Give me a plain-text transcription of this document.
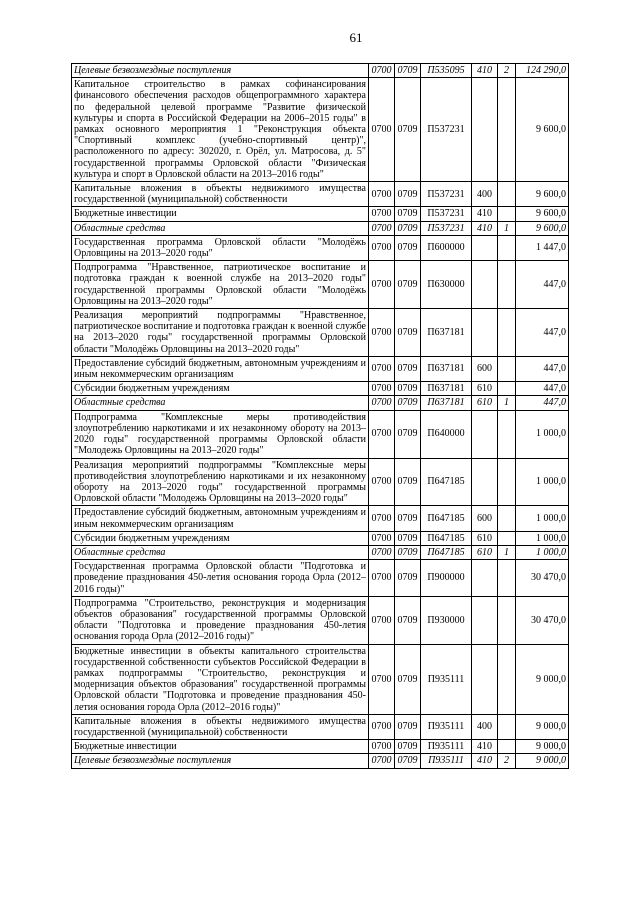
61
Целевые безвозмездные поступления	0700	0709	П535095	410	2	124 290,0
Капитальное строительство в рамках софинансирования финансового обеспечения расходов общепрограммного характера по федеральной целевой программе "Развитие физической культуры и спорта в Российской Федерации на 2006–2015 годы" в рамках основного мероприятия 1 "Реконструкция объекта "Спортивный комплекс (учебно-спортивный центр)", расположенного по адресу: 302020, г. Орёл, ул. Матросова, д. 5" государственной программы Орловской области "Физическая культура и спорт в Орловской области на 2013–2016 годы"	0700	0709	П537231			9 600,0
Капитальные вложения в объекты недвижимого имущества государственной (муниципальной) собственности	0700	0709	П537231	400		9 600,0
Бюджетные инвестиции	0700	0709	П537231	410		9 600,0
Областные средства	0700	0709	П537231	410	1	9 600,0
Государственная программа Орловской области "Молодёжь Орловщины на 2013–2020 годы"	0700	0709	П600000			1 447,0
Подпрограмма "Нравственное, патриотическое воспитание и подготовка граждан к военной службе на 2013–2020 годы" государственной программы Орловской области "Молодёжь Орловщины на 2013–2020 годы"	0700	0709	П630000			447,0
Реализация мероприятий подпрограммы "Нравственное, патриотическое воспитание и подготовка граждан к военной службе на 2013–2020 годы" государственной программы Орловской области "Молодёжь Орловщины на 2013–2020 годы"	0700	0709	П637181			447,0
Предоставление субсидий бюджетным, автономным учреждениям и иным некоммерческим организациям	0700	0709	П637181	600		447,0
Субсидии бюджетным учреждениям	0700	0709	П637181	610		447,0
Областные средства	0700	0709	П637181	610	1	447,0
Подпрограмма "Комплексные меры противодействия злоупотреблению наркотиками и их незаконному обороту на 2013–2020 годы" государственной программы Орловской области "Молодежь Орловщины на 2013–2020 годы"	0700	0709	П640000			1 000,0
Реализация мероприятий подпрограммы "Комплексные меры противодействия злоупотреблению наркотиками и их незаконному обороту на 2013–2020 годы" государственной программы Орловской области "Молодежь Орловщины на 2013–2020 годы"	0700	0709	П647185			1 000,0
Предоставление субсидий бюджетным, автономным учреждениям и иным некоммерческим организациям	0700	0709	П647185	600		1 000,0
Субсидии бюджетным учреждениям	0700	0709	П647185	610		1 000,0
Областные средства	0700	0709	П647185	610	1	1 000,0
Государственная программа Орловской области "Подготовка и проведение празднования 450-летия основания города Орла (2012–2016 годы)"	0700	0709	П900000			30 470,0
Подпрограмма "Строительство, реконструкция и модернизация объектов образования" государственной программы Орловской области "Подготовка и проведение празднования 450-летия основания города Орла (2012–2016 годы)"	0700	0709	П930000			30 470,0
Бюджетные инвестиции в объекты капитального строительства государственной собственности субъектов Российской Федерации в рамках подпрограммы "Строительство, реконструкция и модернизация объектов образования" государственной программы Орловской области "Подготовка и проведение празднования 450-летия основания города Орла (2012–2016 годы)"	0700	0709	П935111			9 000,0
Капитальные вложения в объекты недвижимого имущества государственной (муниципальной) собственности	0700	0709	П935111	400		9 000,0
Бюджетные инвестиции	0700	0709	П935111	410		9 000,0
Целевые безвозмездные поступления	0700	0709	П935111	410	2	9 000,0
